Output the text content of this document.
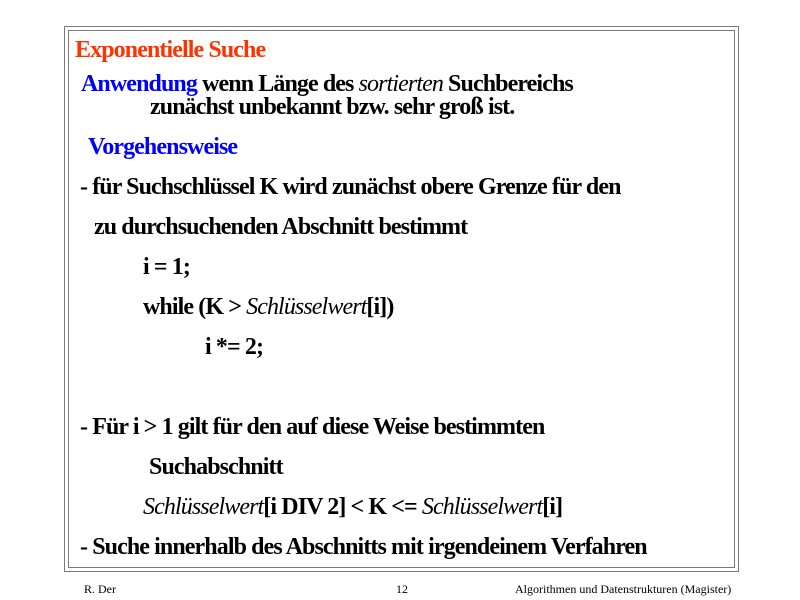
Exponentielle Suche
Anwendung wenn Länge des sortierten Suchbereichs
zunächst unbekannt bzw. sehr groß ist.
Vorgehensweise
- für Suchschlüssel K wird zunächst obere Grenze für den
zu durchsuchenden Abschnitt bestimmt
i = 1;
while (K > Schlüsselwert[i])
i *= 2;
- Für i > 1 gilt für den auf diese Weise bestimmten
Suchabschnitt
Schlüsselwert[i DIV 2] < K <= Schlüsselwert[i]
- Suche innerhalb des Abschnitts mit irgendeinem Verfahren
R. Der	12	Algorithmen und Datenstrukturen (Magister)
